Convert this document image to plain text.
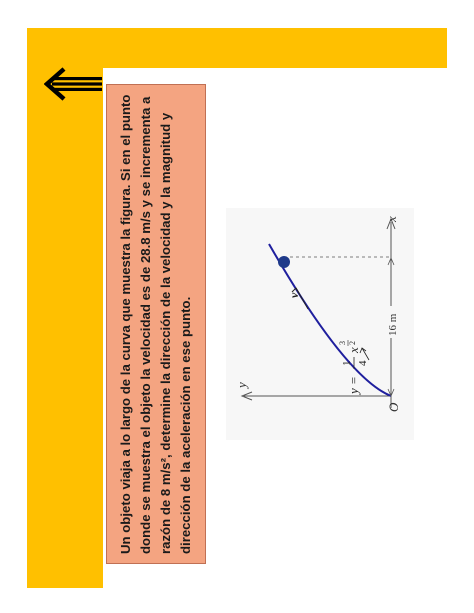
Un objeto viaja a lo largo de la curva que muestra la figura. Si en el punto donde se muestra el objeto la velocidad es de 28.8 m/s y se incrementa a razón de 8 m/s², determine la dirección de la velocidad y la magnitud y dirección de la aceleración en ese punto.
x
y
O
v
16 m
y =
1 4
x
3 2
